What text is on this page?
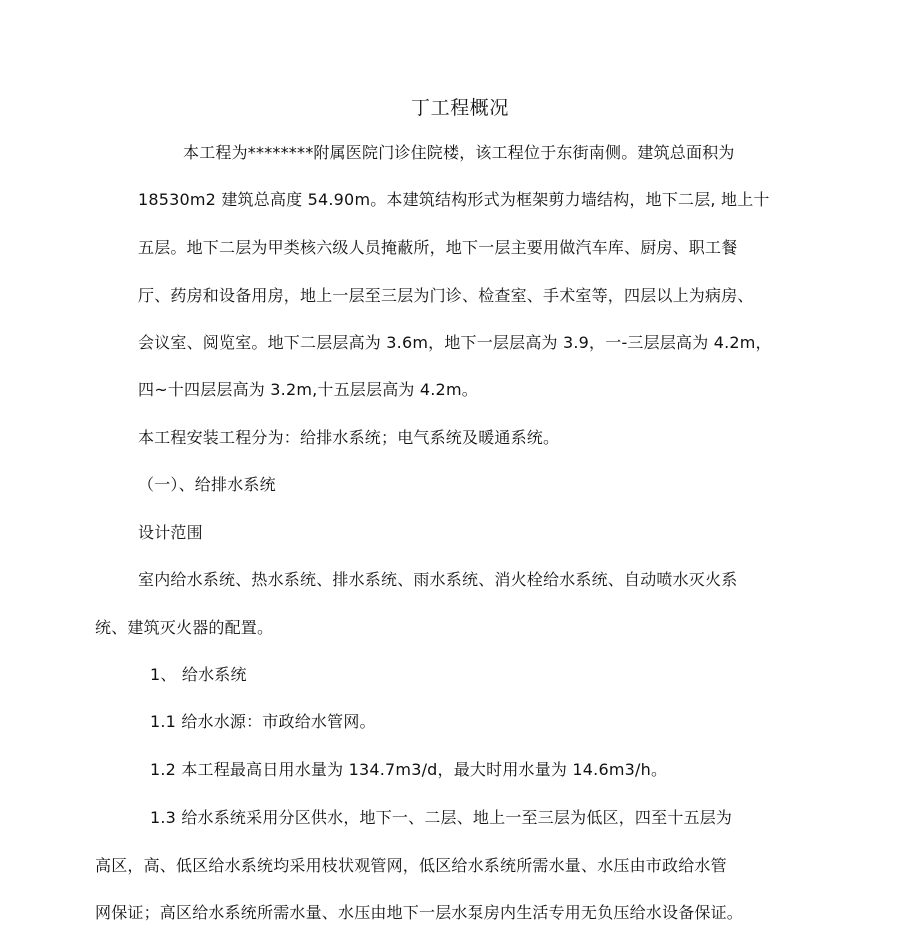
丁工程概况
本工程为********附属医院门诊住院楼，该工程位于东街南侧。建筑总面积为
18530m2 建筑总高度 54.90m。本建筑结构形式为框架剪力墙结构，地下二层, 地上十
五层。地下二层为甲类核六级人员掩蔽所，地下一层主要用做汽车库、厨房、职工餐
厅、药房和设备用房，地上一层至三层为门诊、检查室、手术室等，四层以上为病房、
会议室、阅览室。地下二层层高为 3.6m，地下一层层高为 3.9，一-三层层高为 4.2m，
四~十四层层高为 3.2m,十五层层高为 4.2m。
本工程安装工程分为：给排水系统；电气系统及暖通系统。
（一）、给排水系统
设计范围
室内给水系统、热水系统、排水系统、雨水系统、消火栓给水系统、自动喷水灭火系
统、建筑灭火器的配置。
1、 给水系统
1.1 给水水源：市政给水管网。
1.2 本工程最高日用水量为 134.7m3/d，最大时用水量为 14.6m3/h。
1.3 给水系统采用分区供水，地下一、二层、地上一至三层为低区，四至十五层为
高区，高、低区给水系统均采用枝状观管网，低区给水系统所需水量、水压由市政给水管
网保证；高区给水系统所需水量、水压由地下一层水泵房内生活专用无负压给水设备保证。
